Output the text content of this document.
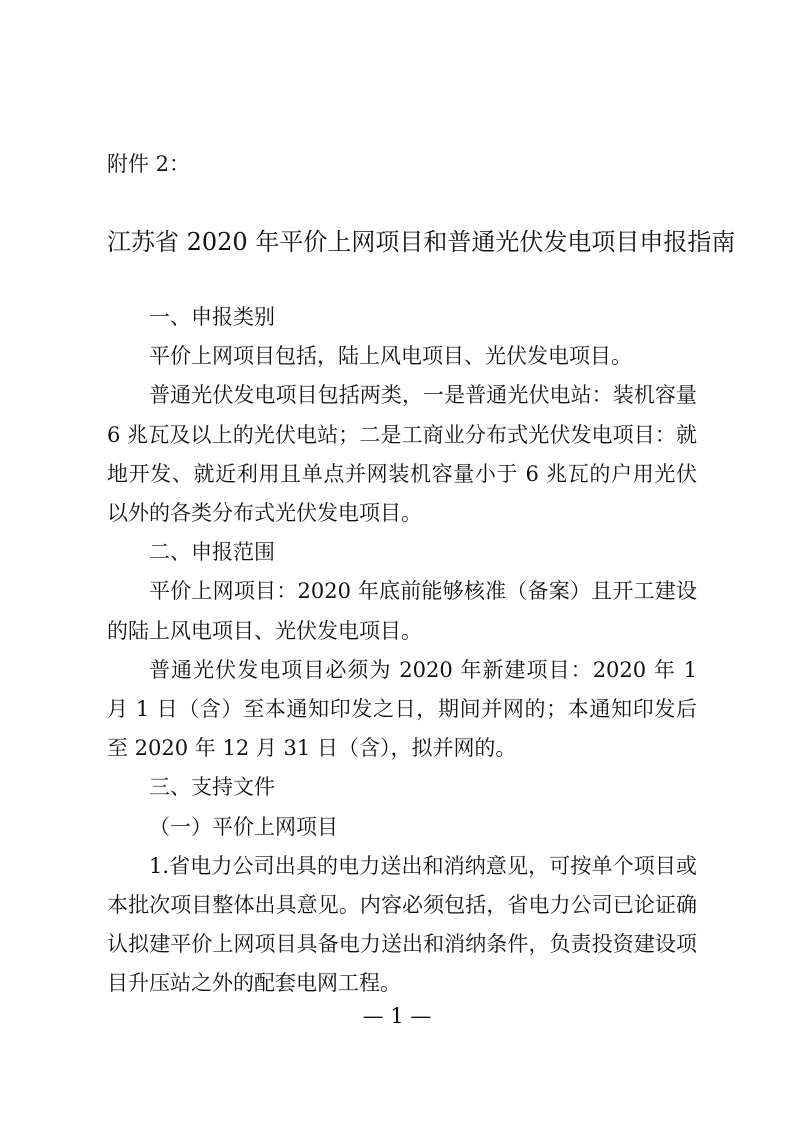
附件 2：

江苏省 2020 年平价上网项目和普通光伏发电项目申报指南

一、申报类别

平价上网项目包括，陆上风电项目、光伏发电项目。

普通光伏发电项目包括两类，一是普通光伏电站：装机容量 6 兆瓦及以上的光伏电站；二是工商业分布式光伏发电项目：就地开发、就近利用且单点并网装机容量小于 6 兆瓦的户用光伏以外的各类分布式光伏发电项目。

二、申报范围

平价上网项目：2020 年底前能够核准（备案）且开工建设的陆上风电项目、光伏发电项目。

普通光伏发电项目必须为 2020 年新建项目：2020 年 1 月 1 日（含）至本通知印发之日，期间并网的；本通知印发后至 2020 年 12 月 31 日（含），拟并网的。

三、支持文件

（一）平价上网项目

1.省电力公司出具的电力送出和消纳意见，可按单个项目或本批次项目整体出具意见。内容必须包括，省电力公司已论证确认拟建平价上网项目具备电力送出和消纳条件，负责投资建设项目升压站之外的配套电网工程。

— 1 —
